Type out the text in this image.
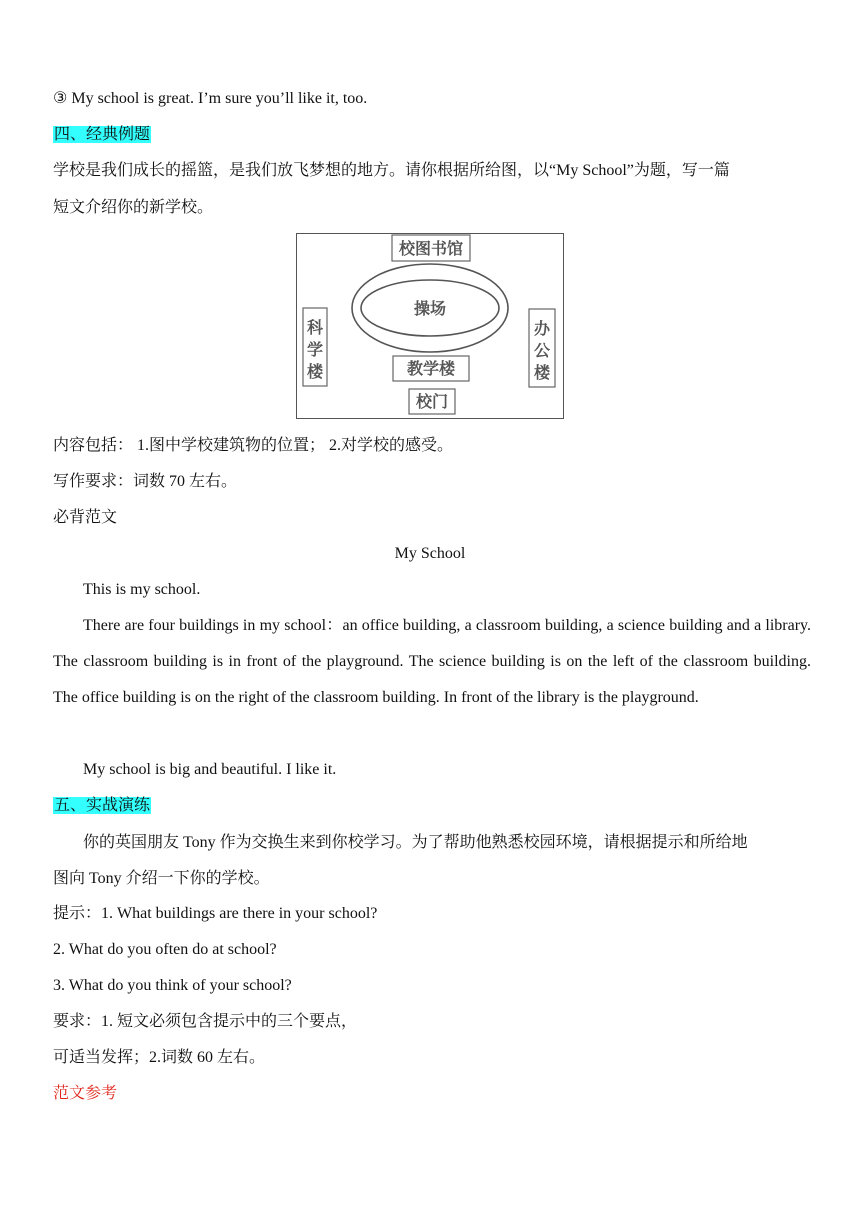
③ My school is great. I’m sure you’ll like it, too.
四、经典例题
学校是我们成长的摇篮，是我们放飞梦想的地方。请你根据所给图，以“My School”为题，写一篇
短文介绍你的新学校。
校图书馆
操场
科
学
楼
办
公
楼
教学楼
校门
内容包括： 1.图中学校建筑物的位置； 2.对学校的感受。
写作要求：词数 70 左右。
必背范文
My School
This is my school.
There are four buildings in my school：an office building, a classroom building, a science building and a library. The classroom building is in front of the playground. The science building is on the left of the classroom building. The office building is on the right of the classroom building. In front of the library is the playground.
My school is big and beautiful. I like it.
五、实战演练
你的英国朋友 Tony 作为交换生来到你校学习。为了帮助他熟悉校园环境，请根据提示和所给地
图向 Tony 介绍一下你的学校。
提示：1. What buildings are there in your school?
2. What do you often do at school?
3. What do you think of your school?
要求：1. 短文必须包含提示中的三个要点，
可适当发挥；2.词数 60 左右。
范文参考
